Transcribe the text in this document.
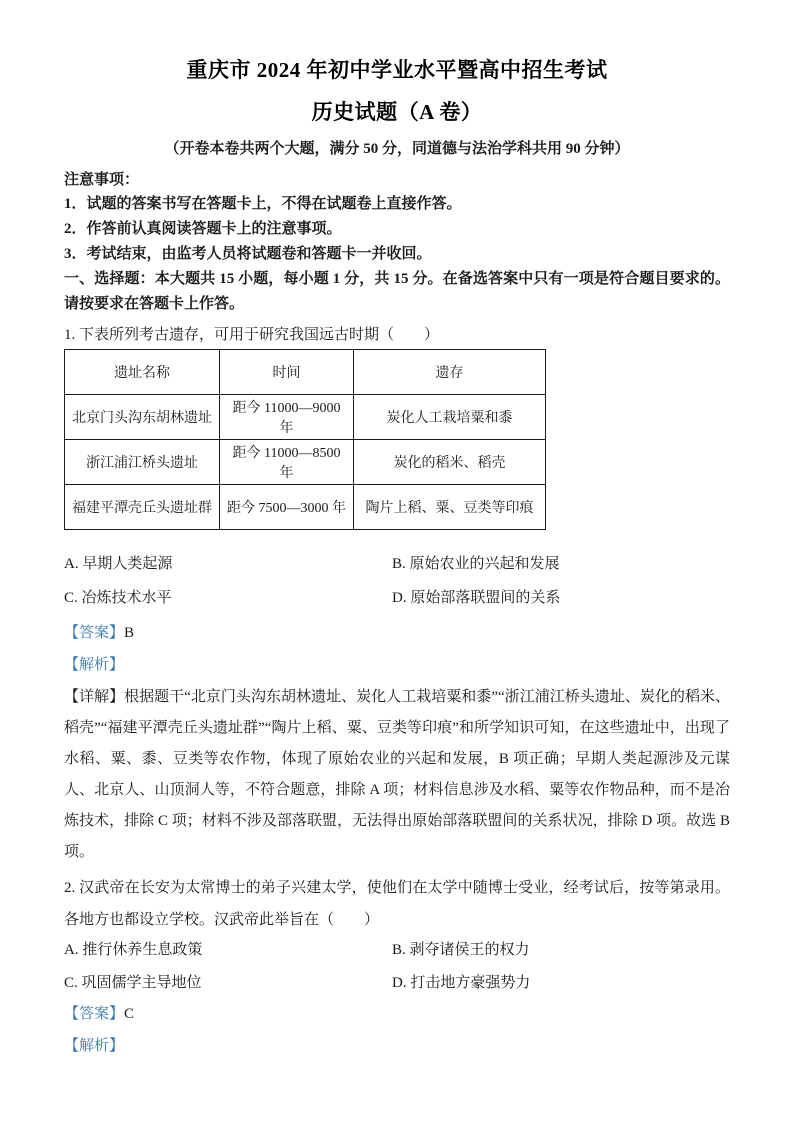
重庆市 2024 年初中学业水平暨高中招生考试
历史试题（A 卷）

（开卷本卷共两个大题，满分 50 分，同道德与法治学科共用 90 分钟）

注意事项：

1．试题的答案书写在答题卡上，不得在试题卷上直接作答。

2．作答前认真阅读答题卡上的注意事项。

3．考试结束，由监考人员将试题卷和答题卡一并收回。

一、选择题：本大题共 15 小题，每小题 1 分，共 15 分。在备选答案中只有一项是符合题目要求的。请按要求在答题卡上作答。

1. 下表所列考古遗存，可用于研究我国远古时期（　　）

遗址名称	时间	遗存
北京门头沟东胡林遗址	距今 11000—9000 年	炭化人工栽培粟和黍
浙江浦江桥头遗址	距今 11000—8500 年	炭化的稻米、稻壳
福建平潭壳丘头遗址群	距今 7500—3000 年	陶片上稻、粟、豆类等印痕
A. 早期人类起源	B. 原始农业的兴起和发展
C. 冶炼技术水平	D. 原始部落联盟间的关系

【答案】B

【解析】

【详解】根据题干“北京门头沟东胡林遗址、炭化人工栽培粟和黍”“浙江浦江桥头遗址、炭化的稻米、稻壳”“福建平潭壳丘头遗址群”“陶片上稻、粟、豆类等印痕”和所学知识可知，在这些遗址中，出现了水稻、粟、黍、豆类等农作物，体现了原始农业的兴起和发展，B 项正确；早期人类起源涉及元谋人、北京人、山顶洞人等，不符合题意，排除 A 项；材料信息涉及水稻、粟等农作物品种，而不是冶炼技术，排除 C 项；材料不涉及部落联盟，无法得出原始部落联盟间的关系状况，排除 D 项。故选 B 项。

2. 汉武帝在长安为太常博士的弟子兴建太学，使他们在太学中随博士受业，经考试后，按等第录用。各地方也都设立学校。汉武帝此举旨在（　　）

A. 推行休养生息政策	B. 剥夺诸侯王的权力
C. 巩固儒学主导地位	D. 打击地方豪强势力

【答案】C

【解析】
